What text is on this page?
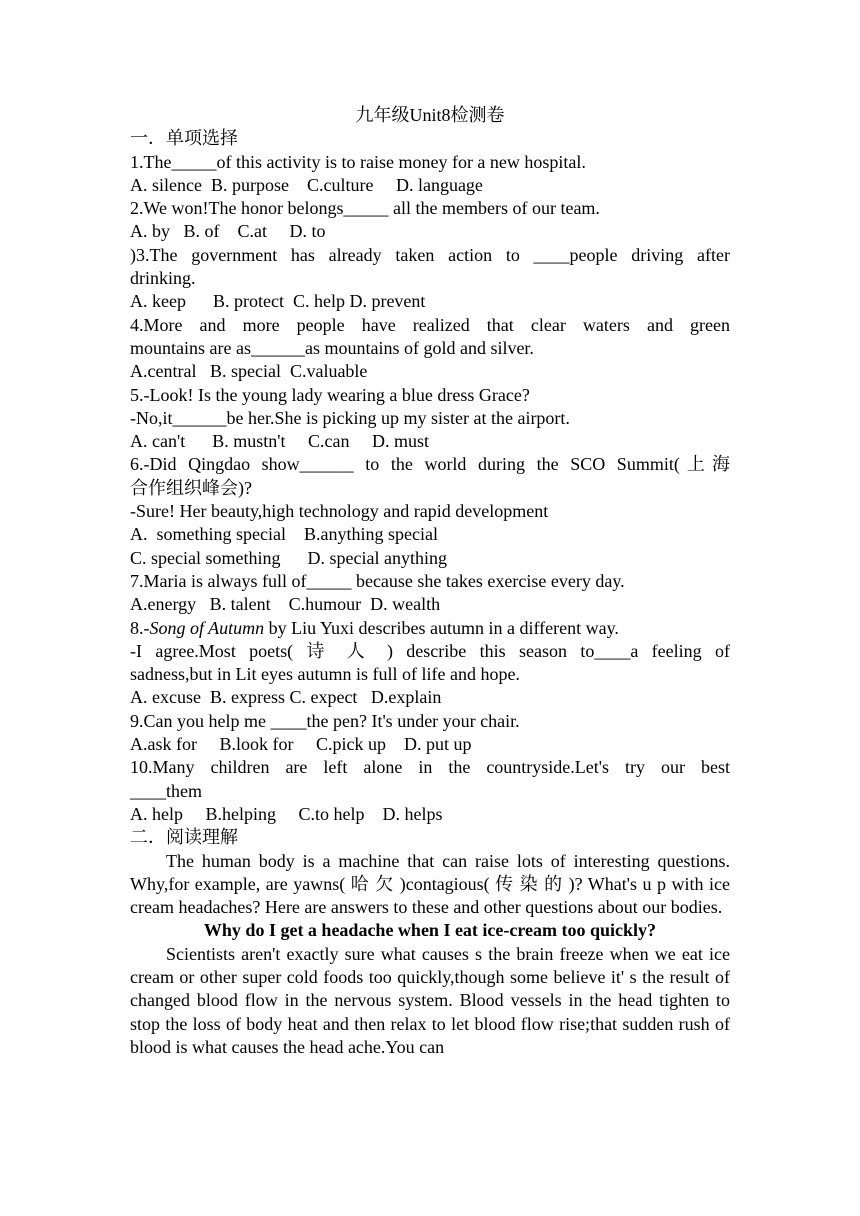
九年级Unit8检测卷
一．单项选择
1.The_____of this activity is to raise money for a new hospital.
A. silence  B. purpose    C.culture     D. language
2.We won!The honor belongs_____ all the members of our team.
A. by   B. of    C.at     D. to
)3.The government has already taken action to ____people driving after
drinking.
A. keep      B. protect  C. help D. prevent
4.More and more people have realized that clear waters and green
mountains are as______as mountains of gold and silver.
A.central   B. special  C.valuable
5.-Look! Is the young lady wearing a blue dress Grace?
-No,it______be her.She is picking up my sister at the airport.
A. can't      B. mustn't     C.can     D. must
6.-Did Qingdao show______ to the world during the SCO Summit(上海
合作组织峰会)?
-Sure! Her beauty,high technology and rapid development
A.  something special    B.anything special
C. special something      D. special anything
7.Maria is always full of_____ because she takes exercise every day.
A.energy   B. talent    C.humour  D. wealth
8.-Song of Autumn by Liu Yuxi describes autumn in a different way.
-I agree.Most poets( 诗 人 ) describe this season to____a feeling of
sadness,but in Lit eyes autumn is full of life and hope.
A. excuse  B. express C. expect   D.explain
9.Can you help me ____the pen? It's under your chair.
A.ask for     B.look for     C.pick up    D. put up
10.Many children are left alone in the countryside.Let's try our best
____them
A. help     B.helping     C.to help    D. helps
二．阅读理解
The human body is a machine that can raise lots of interesting questions. Why,for example, are yawns( 哈 欠 )contagious( 传 染 的 )? What's u p with ice cream headaches? Here are answers to these and other questions about our bodies.
Why do I get a headache when I eat ice-cream too quickly?
Scientists aren't exactly sure what causes s the brain freeze when we eat ice cream or other super cold foods too quickly,though some believe it' s the result of changed blood flow in the nervous system. Blood vessels in the head tighten to stop the loss of body heat and then relax to let blood flow rise;that sudden rush of blood is what causes the head ache.You can
